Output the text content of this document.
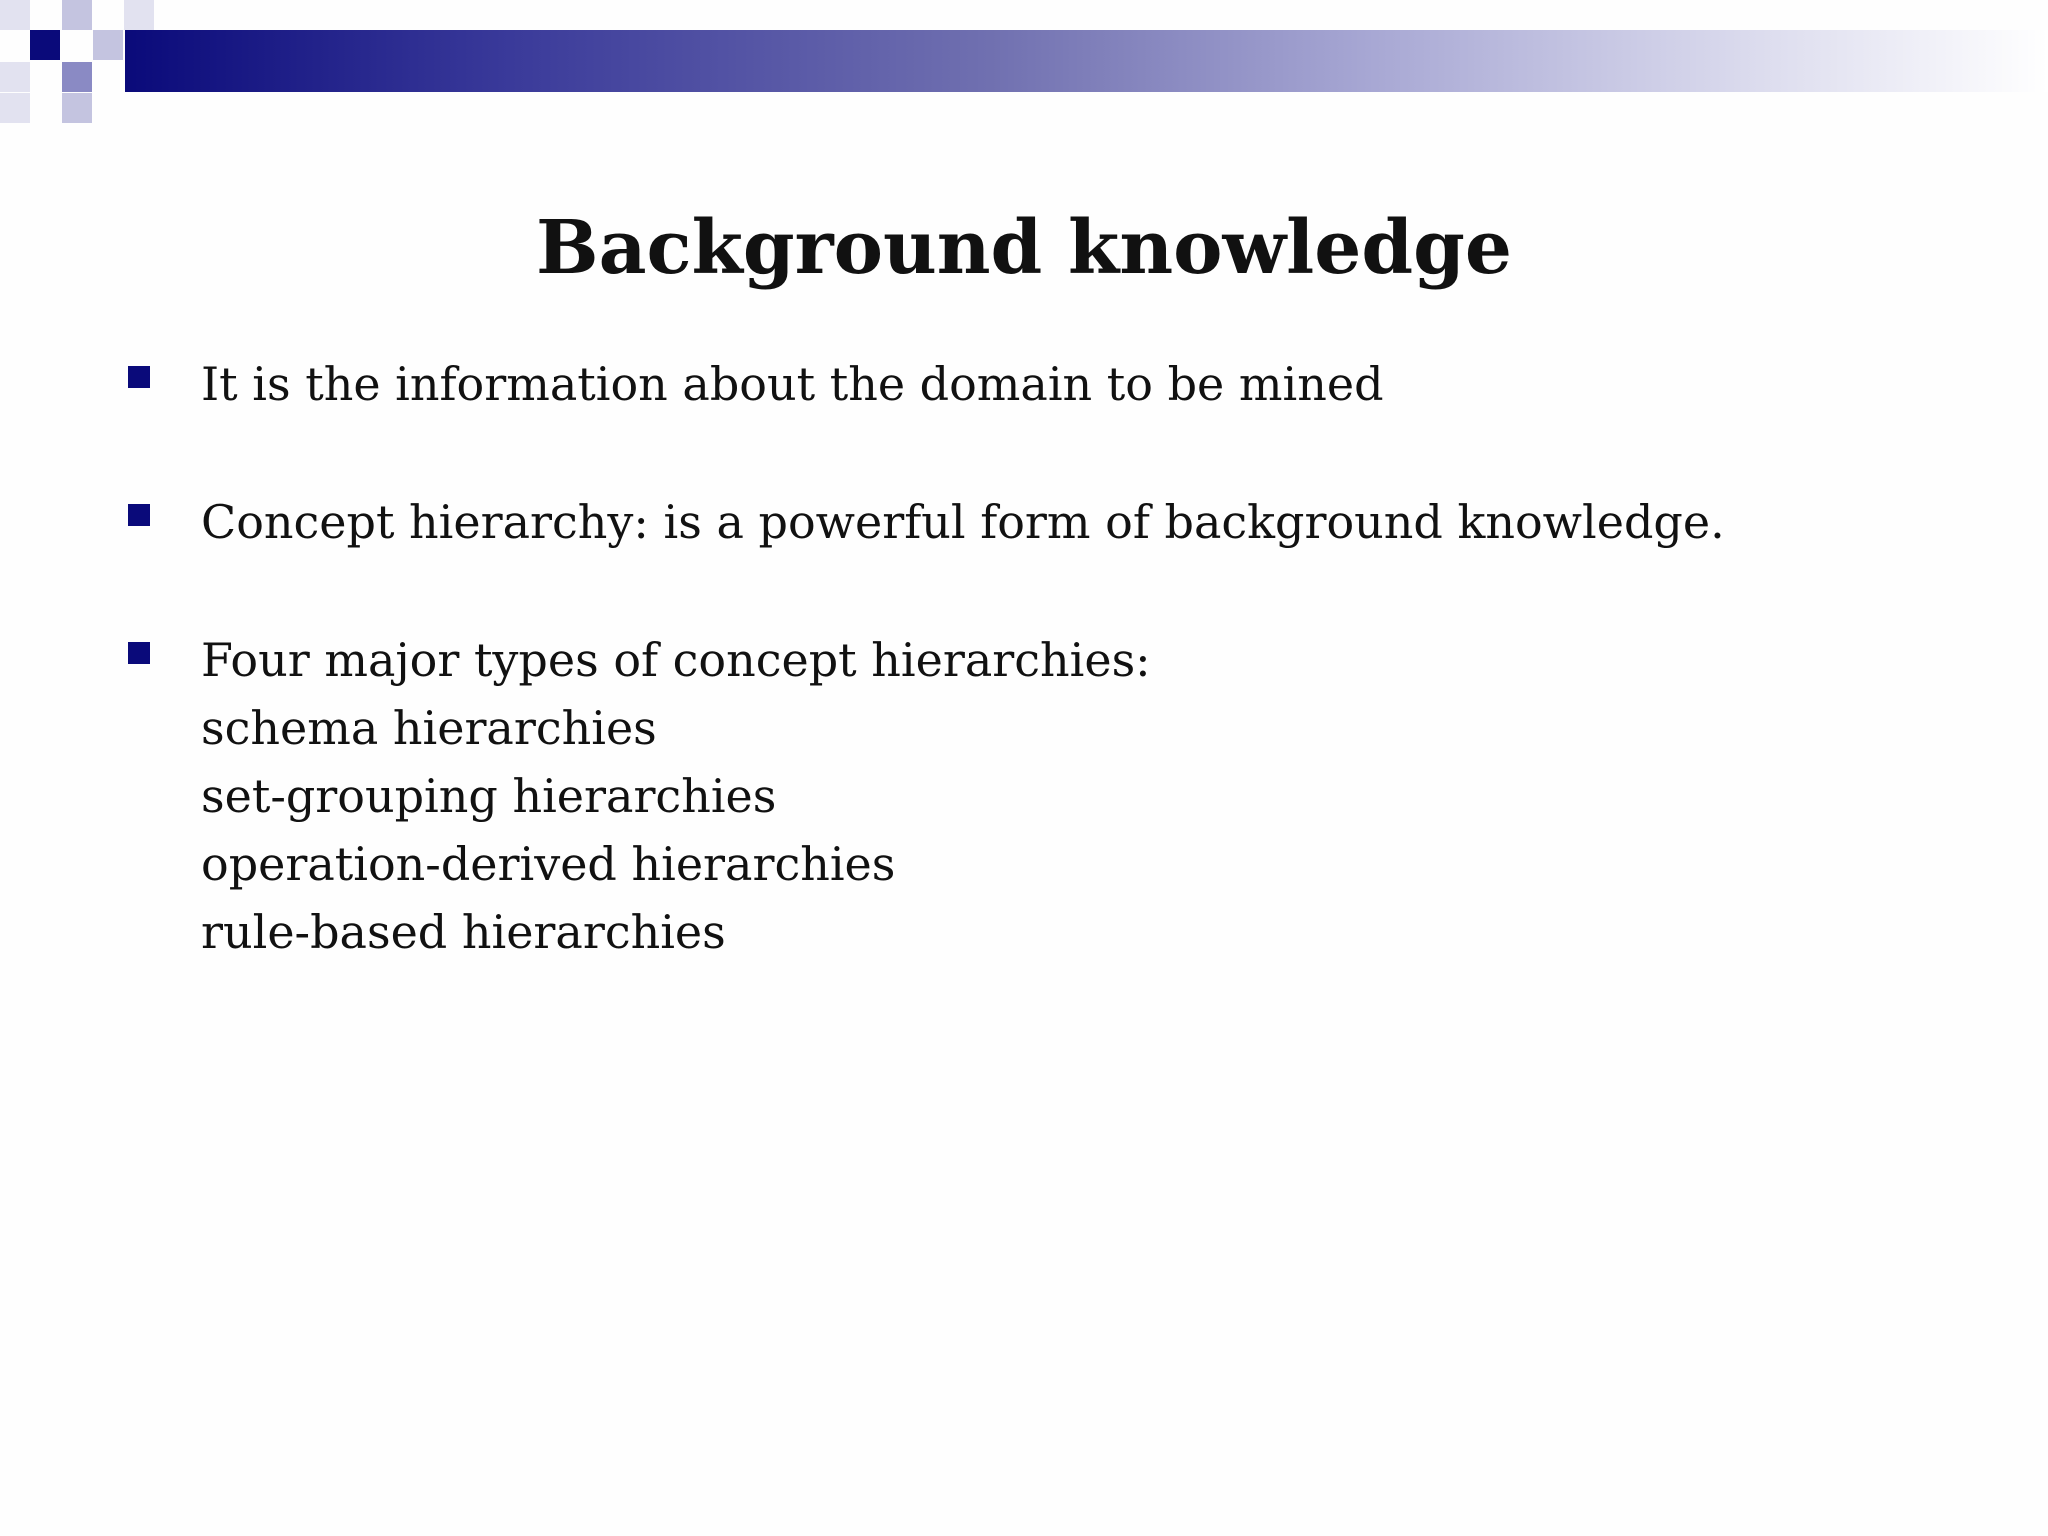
Background knowledge
It is the information about the domain to be mined
Concept hierarchy: is a powerful form of background knowledge.
Four major types of concept hierarchies:
schema hierarchies
set-grouping hierarchies
operation-derived hierarchies
rule-based hierarchies
